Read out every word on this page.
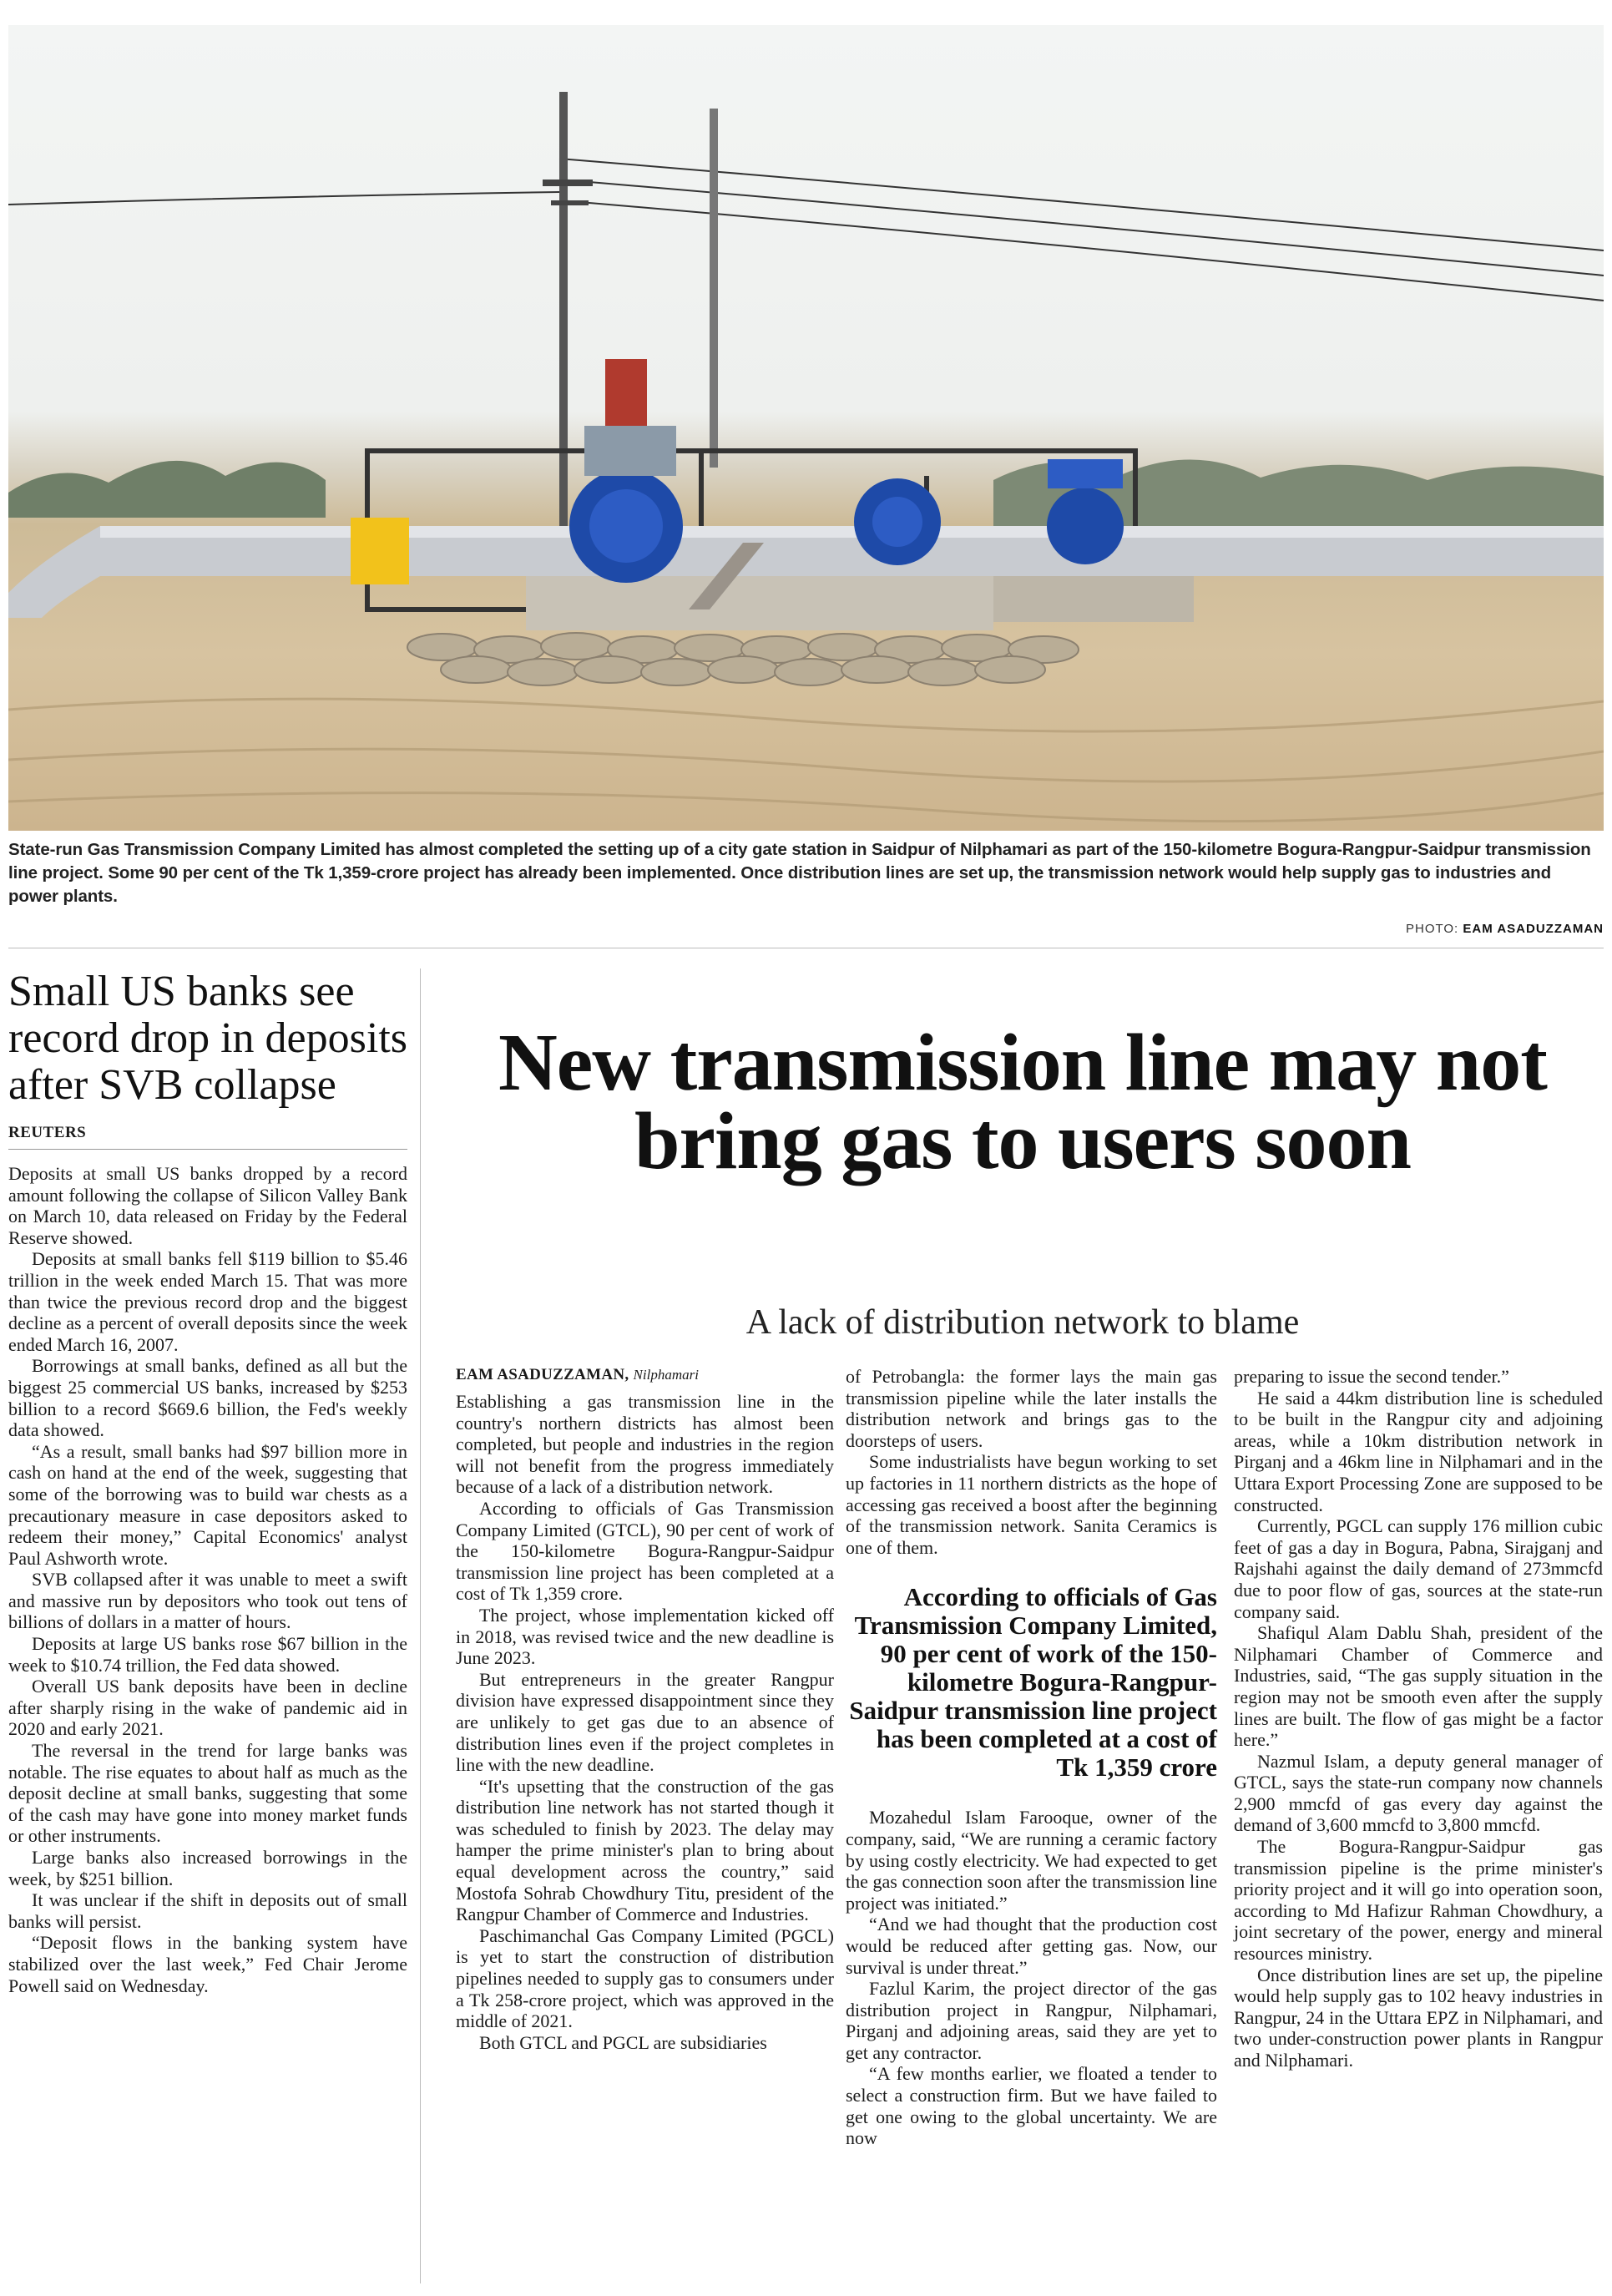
State-run Gas Transmission Company Limited has almost completed the setting up of a city gate station in Saidpur of Nilphamari as part of the 150-kilometre Bogura-Rangpur-Saidpur transmission line project. Some 90 per cent of the Tk 1,359-crore project has already been implemented. Once distribution lines are set up, the transmission network would help supply gas to industries and power plants.
PHOTO: EAM ASADUZZAMAN
Small US banks see record drop in deposits after SVB collapse
REUTERS

Deposits at small US banks dropped by a record amount following the collapse of Silicon Valley Bank on March 10, data released on Friday by the Federal Reserve showed.

Deposits at small banks fell $119 billion to $5.46 trillion in the week ended March 15. That was more than twice the previous record drop and the biggest decline as a percent of overall deposits since the week ended March 16, 2007.

Borrowings at small banks, defined as all but the biggest 25 commercial US banks, increased by $253 billion to a record $669.6 billion, the Fed's weekly data showed.

“As a result, small banks had $97 billion more in cash on hand at the end of the week, suggesting that some of the borrowing was to build war chests as a precautionary measure in case depositors asked to redeem their money,” Capital Economics' analyst Paul Ashworth wrote.

SVB collapsed after it was unable to meet a swift and massive run by depositors who took out tens of billions of dollars in a matter of hours.

Deposits at large US banks rose $67 billion in the week to $10.74 trillion, the Fed data showed.

Overall US bank deposits have been in decline after sharply rising in the wake of pandemic aid in 2020 and early 2021.

The reversal in the trend for large banks was notable. The rise equates to about half as much as the deposit decline at small banks, suggesting that some of the cash may have gone into money market funds or other instruments.

Large banks also increased borrowings in the week, by $251 billion.

It was unclear if the shift in deposits out of small banks will persist.

“Deposit flows in the banking system have stabilized over the last week,” Fed Chair Jerome Powell said on Wednesday.

New transmission line may not bring gas to users soon
A lack of distribution network to blame
EAM ASADUZZAMAN, Nilphamari

Establishing a gas transmission line in the country's northern districts has almost been completed, but people and industries in the region will not benefit from the progress immediately because of a lack of a distribution network.

According to officials of Gas Transmission Company Limited (GTCL), 90 per cent of work of the 150-kilometre Bogura-Rangpur-Saidpur transmission line project has been completed at a cost of Tk 1,359 crore.

The project, whose implementation kicked off in 2018, was revised twice and the new deadline is June 2023.

But entrepreneurs in the greater Rangpur division have expressed disappointment since they are unlikely to get gas due to an absence of distribution lines even if the project completes in line with the new deadline.

“It's upsetting that the construction of the gas distribution line network has not started though it was scheduled to finish by 2023. The delay may hamper the prime minister's plan to bring about equal development across the country,” said Mostofa Sohrab Chowdhury Titu, president of the Rangpur Chamber of Commerce and Industries.

Paschimanchal Gas Company Limited (PGCL) is yet to start the construction of distribution pipelines needed to supply gas to consumers under a Tk 258-crore project, which was approved in the middle of 2021.

Both GTCL and PGCL are subsidiaries

of Petrobangla: the former lays the main gas transmission pipeline while the later installs the distribution network and brings gas to the doorsteps of users.

Some industrialists have begun working to set up factories in 11 northern districts as the hope of accessing gas received a boost after the beginning of the transmission network. Sanita Ceramics is one of them.

According to officials of Gas Transmission Company Limited, 90 per cent of work of the 150-kilometre Bogura-Rangpur-Saidpur transmission line project has been completed at a cost of Tk 1,359 crore

Mozahedul Islam Farooque, owner of the company, said, “We are running a ceramic factory by using costly electricity. We had expected to get the gas connection soon after the transmission line project was initiated.”

“And we had thought that the production cost would be reduced after getting gas. Now, our survival is under threat.”

Fazlul Karim, the project director of the gas distribution project in Rangpur, Nilphamari, Pirganj and adjoining areas, said they are yet to get any contractor.

“A few months earlier, we floated a tender to select a construction firm. But we have failed to get one owing to the global uncertainty. We are now

preparing to issue the second tender.”

He said a 44km distribution line is scheduled to be built in the Rangpur city and adjoining areas, while a 10km distribution network in Pirganj and a 46km line in Nilphamari and in the Uttara Export Processing Zone are supposed to be constructed.

Currently, PGCL can supply 176 million cubic feet of gas a day in Bogura, Pabna, Sirajganj and Rajshahi against the daily demand of 273mmcfd due to poor flow of gas, sources at the state-run company said.

Shafiqul Alam Dablu Shah, president of the Nilphamari Chamber of Commerce and Industries, said, “The gas supply situation in the region may not be smooth even after the supply lines are built. The flow of gas might be a factor here.”

Nazmul Islam, a deputy general manager of GTCL, says the state-run company now channels 2,900 mmcfd of gas every day against the demand of 3,600 mmcfd to 3,800 mmcfd.

The Bogura-Rangpur-Saidpur gas transmission pipeline is the prime minister's priority project and it will go into operation soon, according to Md Hafizur Rahman Chowdhury, a joint secretary of the power, energy and mineral resources ministry.

Once distribution lines are set up, the pipeline would help supply gas to 102 heavy industries in Rangpur, 24 in the Uttara EPZ in Nilphamari, and two under-construction power plants in Rangpur and Nilphamari.
